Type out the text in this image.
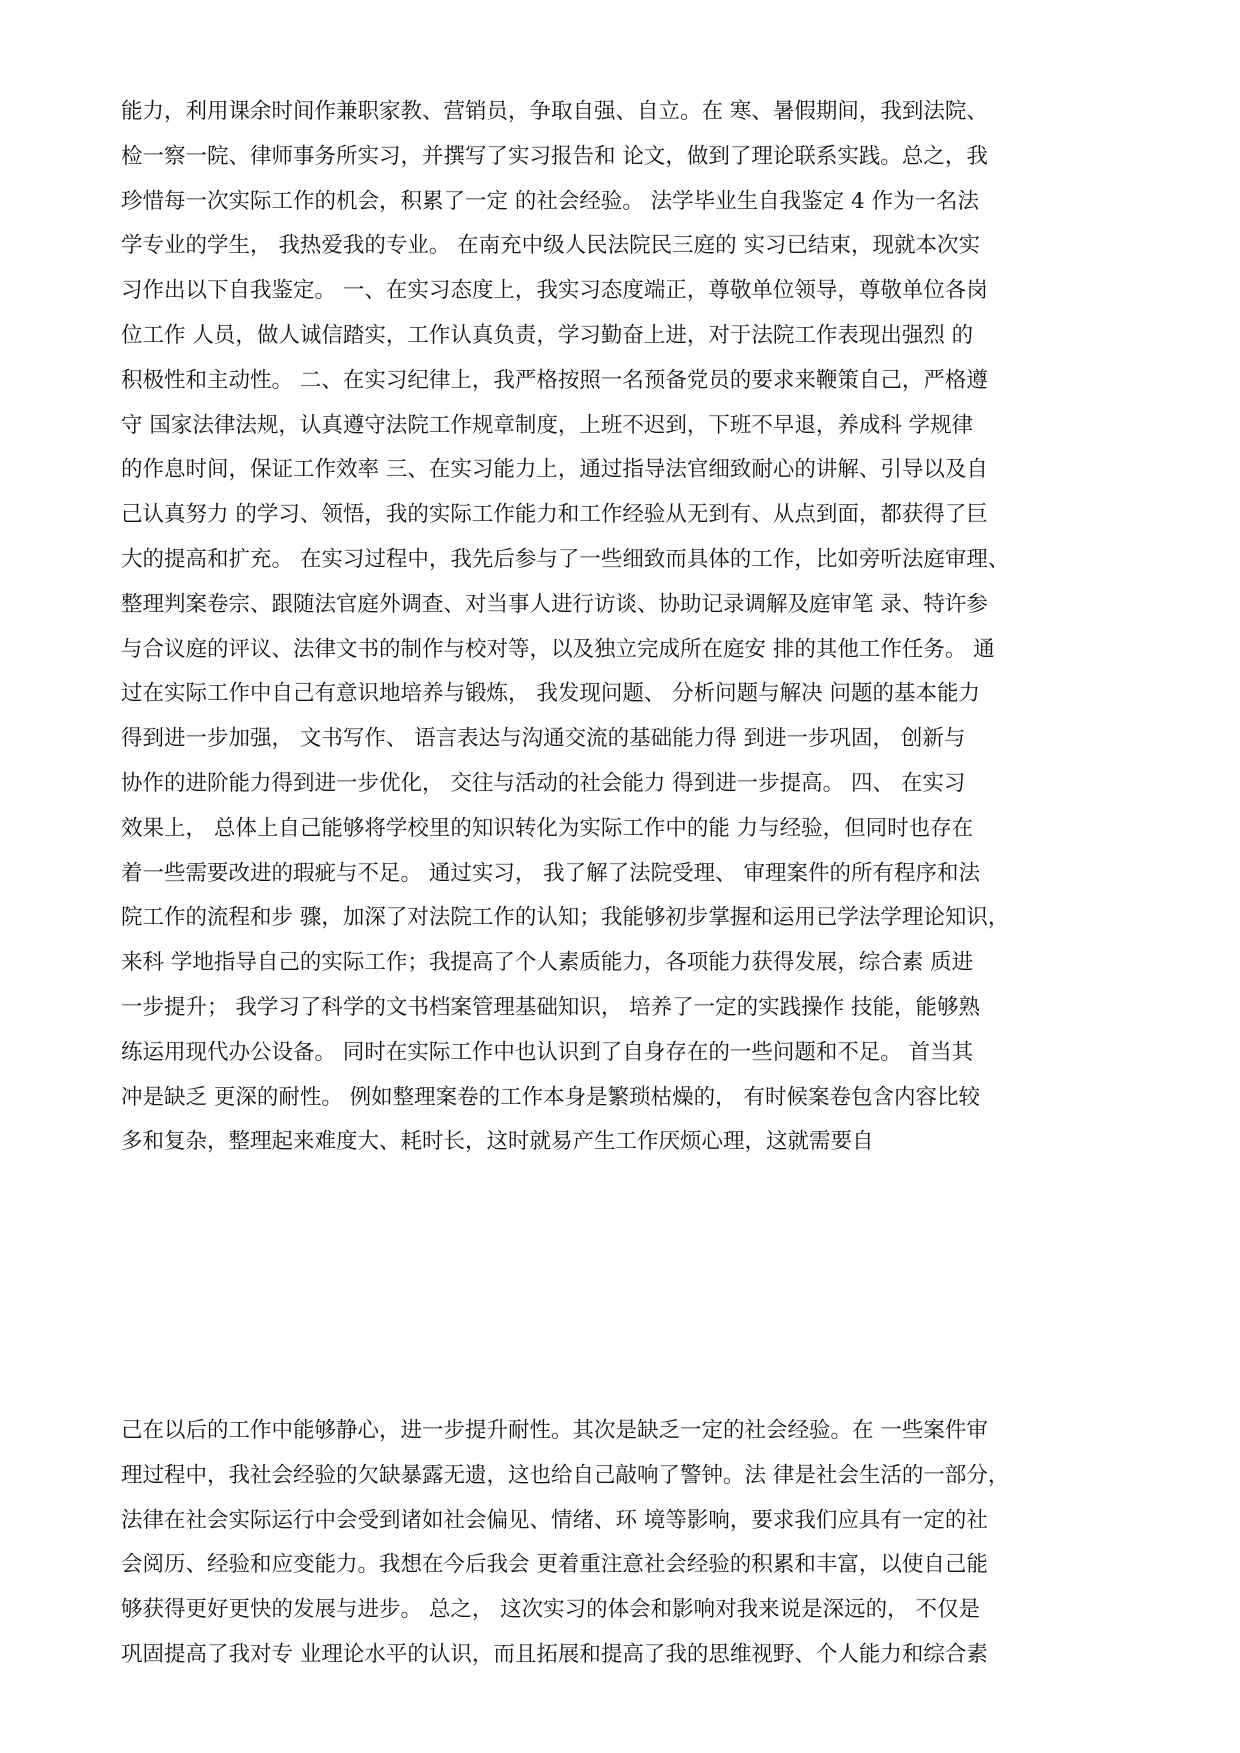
能力，利用课余时间作兼职家教、营销员，争取自强、自立。在 寒、暑假期间，我到法院、
检一察一院、律师事务所实习，并撰写了实习报告和 论文，做到了理论联系实践。总之，我
珍惜每一次实际工作的机会，积累了一定 的社会经验。 法学毕业生自我鉴定 4 作为一名法
学专业的学生， 我热爱我的专业。 在南充中级人民法院民三庭的 实习已结束，现就本次实
习作出以下自我鉴定。 一、在实习态度上，我实习态度端正，尊敬单位领导，尊敬单位各岗
位工作 人员，做人诚信踏实，工作认真负责，学习勤奋上进，对于法院工作表现出强烈 的
积极性和主动性。 二、在实习纪律上，我严格按照一名预备党员的要求来鞭策自己，严格遵
守 国家法律法规，认真遵守法院工作规章制度，上班不迟到，下班不早退，养成科 学规律
的作息时间，保证工作效率 三、在实习能力上，通过指导法官细致耐心的讲解、引导以及自
己认真努力 的学习、领悟，我的实际工作能力和工作经验从无到有、从点到面，都获得了巨
大的提高和扩充。 在实习过程中，我先后参与了一些细致而具体的工作，比如旁听法庭审理、
整理判案卷宗、跟随法官庭外调查、对当事人进行访谈、协助记录调解及庭审笔 录、特许参
与合议庭的评议、法律文书的制作与校对等，以及独立完成所在庭安 排的其他工作任务。 通
过在实际工作中自己有意识地培养与锻炼， 我发现问题、 分析问题与解决 问题的基本能力
得到进一步加强， 文书写作、 语言表达与沟通交流的基础能力得 到进一步巩固， 创新与
协作的进阶能力得到进一步优化， 交往与活动的社会能力 得到进一步提高。 四、 在实习
效果上， 总体上自己能够将学校里的知识转化为实际工作中的能 力与经验，但同时也存在
着一些需要改进的瑕疵与不足。 通过实习， 我了解了法院受理、 审理案件的所有程序和法
院工作的流程和步 骤，加深了对法院工作的认知；我能够初步掌握和运用已学法学理论知识，
来科 学地指导自己的实际工作；我提高了个人素质能力，各项能力获得发展，综合素 质进
一步提升； 我学习了科学的文书档案管理基础知识， 培养了一定的实践操作 技能，能够熟
练运用现代办公设备。 同时在实际工作中也认识到了自身存在的一些问题和不足。 首当其
冲是缺乏 更深的耐性。 例如整理案卷的工作本身是繁琐枯燥的， 有时候案卷包含内容比较
多和复杂，整理起来难度大、耗时长，这时就易产生工作厌烦心理，这就需要自
己在以后的工作中能够静心，进一步提升耐性。其次是缺乏一定的社会经验。在 一些案件审
理过程中，我社会经验的欠缺暴露无遗，这也给自己敲响了警钟。法 律是社会生活的一部分，
法律在社会实际运行中会受到诸如社会偏见、情绪、环 境等影响，要求我们应具有一定的社
会阅历、经验和应变能力。我想在今后我会 更着重注意社会经验的积累和丰富，以使自己能
够获得更好更快的发展与进步。 总之， 这次实习的体会和影响对我来说是深远的， 不仅是
巩固提高了我对专 业理论水平的认识，而且拓展和提高了我的思维视野、个人能力和综合素
